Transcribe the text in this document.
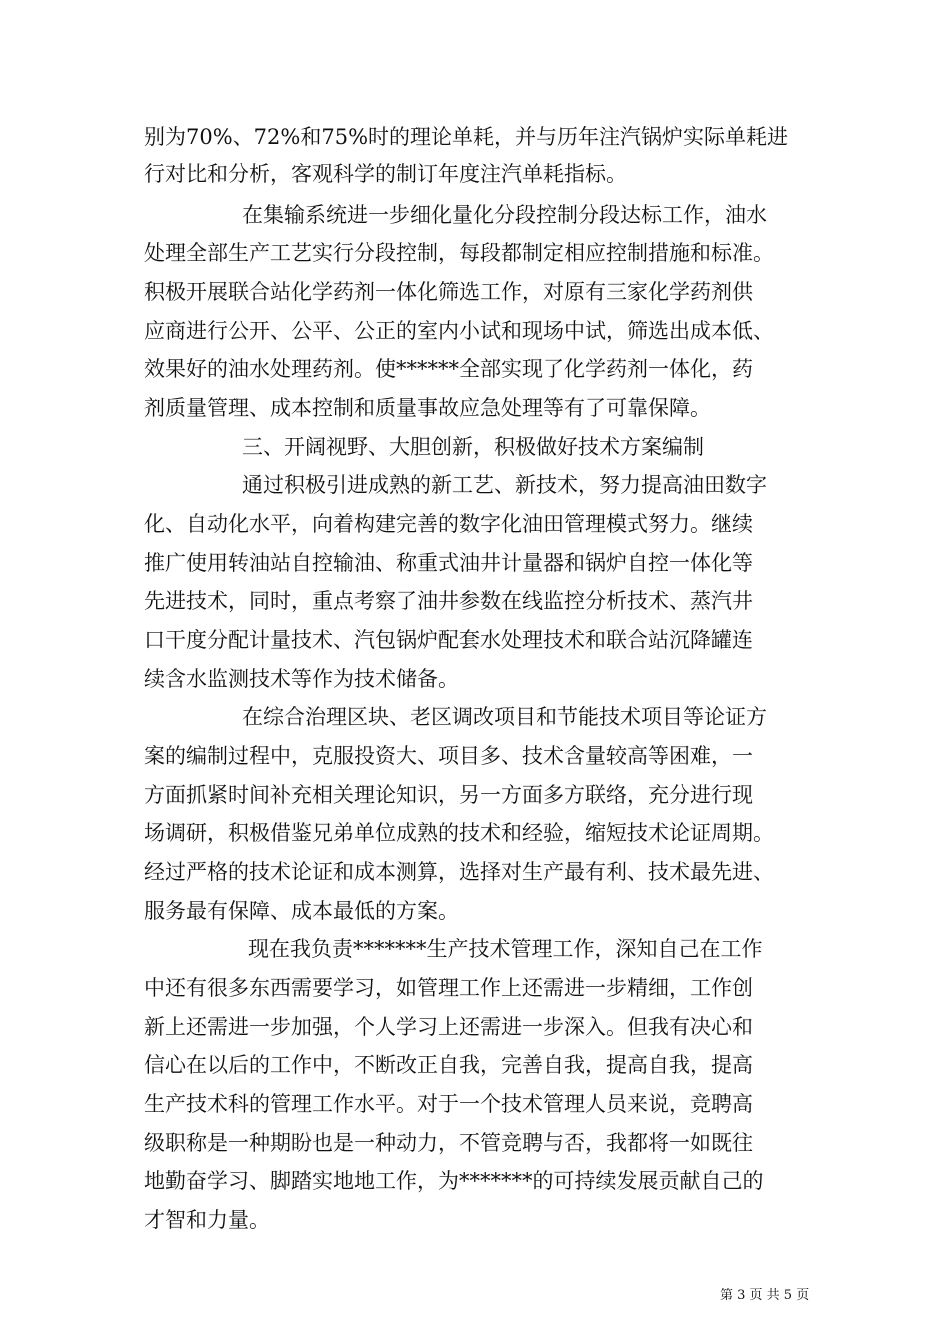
别为70%、72%和75%时的理论单耗，并与历年注汽锅炉实际单耗进
行对比和分析，客观科学的制订年度注汽单耗指标。
在集输系统进一步细化量化分段控制分段达标工作，油水
处理全部生产工艺实行分段控制，每段都制定相应控制措施和标准。
积极开展联合站化学药剂一体化筛选工作，对原有三家化学药剂供
应商进行公开、公平、公正的室内小试和现场中试，筛选出成本低、
效果好的油水处理药剂。使******全部实现了化学药剂一体化，药
剂质量管理、成本控制和质量事故应急处理等有了可靠保障。
三、开阔视野、大胆创新，积极做好技术方案编制
通过积极引进成熟的新工艺、新技术，努力提高油田数字
化、自动化水平，向着构建完善的数字化油田管理模式努力。继续
推广使用转油站自控输油、称重式油井计量器和锅炉自控一体化等
先进技术，同时，重点考察了油井参数在线监控分析技术、蒸汽井
口干度分配计量技术、汽包锅炉配套水处理技术和联合站沉降罐连
续含水监测技术等作为技术储备。
在综合治理区块、老区调改项目和节能技术项目等论证方
案的编制过程中，克服投资大、项目多、技术含量较高等困难，一
方面抓紧时间补充相关理论知识，另一方面多方联络，充分进行现
场调研，积极借鉴兄弟单位成熟的技术和经验，缩短技术论证周期。
经过严格的技术论证和成本测算，选择对生产最有利、技术最先进、
服务最有保障、成本最低的方案。
现在我负责*******生产技术管理工作，深知自己在工作
中还有很多东西需要学习，如管理工作上还需进一步精细，工作创
新上还需进一步加强，个人学习上还需进一步深入。但我有决心和
信心在以后的工作中，不断改正自我，完善自我，提高自我，提高
生产技术科的管理工作水平。对于一个技术管理人员来说，竞聘高
级职称是一种期盼也是一种动力，不管竞聘与否，我都将一如既往
地勤奋学习、脚踏实地地工作，为*******的可持续发展贡献自己的
才智和力量。
第 3 页 共 5 页
